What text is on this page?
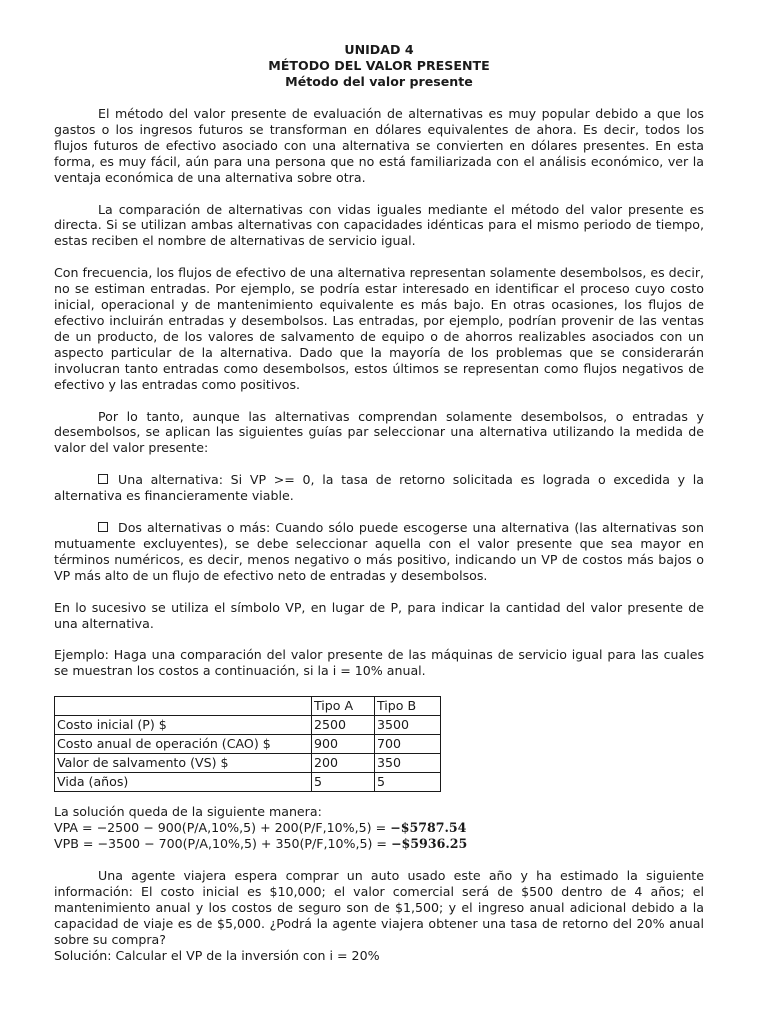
UNIDAD 4
MÉTODO DEL VALOR PRESENTE
Método del valor presente

El método del valor presente de evaluación de alternativas es muy popular debido a que los gastos o los ingresos futuros se transforman en dólares equivalentes de ahora. Es decir, todos los flujos futuros de efectivo asociado con una alternativa se convierten en dólares presentes. En esta forma, es muy fácil, aún para una persona que no está familiarizada con el análisis económico, ver la ventaja económica de una alternativa sobre otra.

La comparación de alternativas con vidas iguales mediante el método del valor presente es directa. Si se utilizan ambas alternativas con capacidades idénticas para el mismo periodo de tiempo, estas reciben el nombre de alternativas de servicio igual.

Con frecuencia, los flujos de efectivo de una alternativa representan solamente desembolsos, es decir, no se estiman entradas. Por ejemplo, se podría estar interesado en identificar el proceso cuyo costo inicial, operacional y de mantenimiento equivalente es más bajo. En otras ocasiones, los flujos de efectivo incluirán entradas y desembolsos. Las entradas, por ejemplo, podrían provenir de las ventas de un producto, de los valores de salvamento de equipo o de ahorros realizables asociados con un aspecto particular de la alternativa. Dado que la mayoría de los problemas que se considerarán involucran tanto entradas como desembolsos, estos últimos se representan como flujos negativos de efectivo y las entradas como positivos.

Por lo tanto, aunque las alternativas comprendan solamente desembolsos, o entradas y desembolsos, se aplican las siguientes guías par seleccionar una alternativa utilizando la medida de valor del valor presente:

Una alternativa: Si VP >= 0, la tasa de retorno solicitada es lograda o excedida y la alternativa es financieramente viable.

Dos alternativas o más: Cuando sólo puede escogerse una alternativa (las alternativas son mutuamente excluyentes), se debe seleccionar aquella con el valor presente que sea mayor en términos numéricos, es decir, menos negativo o más positivo, indicando un VP de costos más bajos o VP más alto de un flujo de efectivo neto de entradas y desembolsos.

En lo sucesivo se utiliza el símbolo VP, en lugar de P, para indicar la cantidad del valor presente de una alternativa.

Ejemplo: Haga una comparación del valor presente de las máquinas de servicio igual para las cuales se muestran los costos a continuación, si la i = 10% anual.

	Tipo A	Tipo B
Costo inicial (P) $	2500	3500
Costo anual de operación (CAO) $	900	700
Valor de salvamento (VS) $	200	350
Vida (años)	5	5
La solución queda de la siguiente manera:
VPA = −2500 − 900(P/A,10%,5) + 200(P/F,10%,5) = −$5787.54
VPB = −3500 − 700(P/A,10%,5) + 350(P/F,10%,5) = −$5936.25

Una agente viajera espera comprar un auto usado este año y ha estimado la siguiente información: El costo inicial es $10,000; el valor comercial será de $500 dentro de 4 años; el mantenimiento anual y los costos de seguro son de $1,500; y el ingreso anual adicional debido a la capacidad de viaje es de $5,000. ¿Podrá la agente viajera obtener una tasa de retorno del 20% anual sobre su compra?

Solución: Calcular el VP de la inversión con i = 20%
